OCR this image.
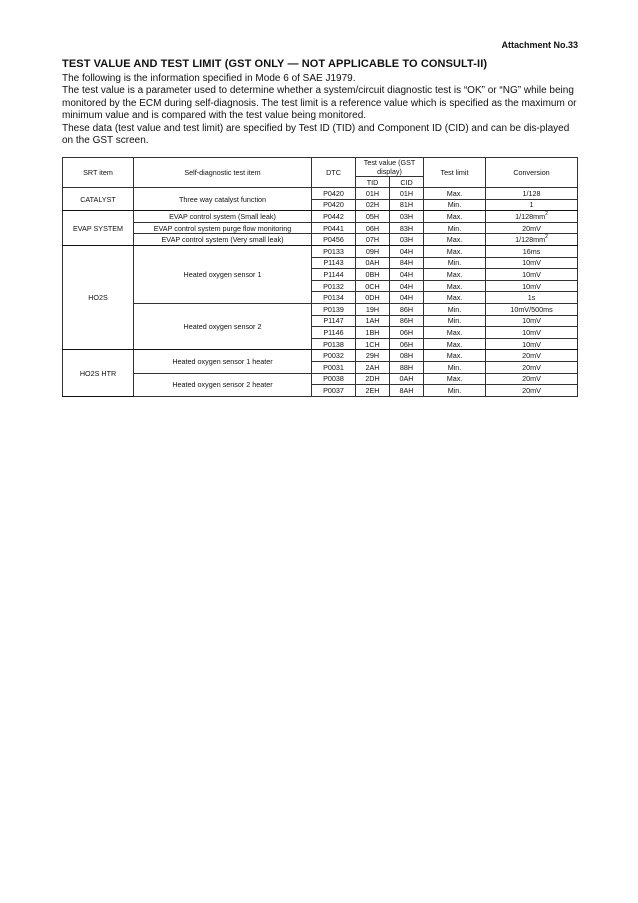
Attachment No.33
TEST VALUE AND TEST LIMIT (GST ONLY — NOT APPLICABLE TO CONSULT-II)

The following is the information specified in Mode 6 of SAE J1979.

The test value is a parameter used to determine whether a system/circuit diagnostic test is “OK” or “NG” while being monitored by the ECM during self-diagnosis. The test limit is a reference value which is specified as the maximum or minimum value and is compared with the test value being monitored.

These data (test value and test limit) are specified by Test ID (TID) and Component ID (CID) and can be dis-played on the GST screen.

SRT item	Self-diagnostic test item	DTC	Test value (GST display)		Test limit	Conversion
			TID	CID		
CATALYST	Three way catalyst function	P0420	01H	01H	Max.	1/128
		P0420	02H	81H	Min.	1
EVAP SYSTEM	EVAP control system (Small leak)	P0442	05H	03H	Max.	$1/128mm^2$
	EVAP control system purge flow monitoring	P0441	06H	83H	Min.	20mV
	EVAP control system (Very small leak)	P0456	07H	03H	Max.	$1/128mm^2$
HO2S	Heated oxygen sensor 1	P0133	09H	04H	Max.	16ms
		P1143	0AH	84H	Min.	10mV
		P1144	0BH	04H	Max.	10mV
		P0132	0CH	04H	Max.	10mV
		P0134	0DH	04H	Max.	1s
	Heated oxygen sensor 2	P0139	19H	86H	Min.	10mV/500ms
		P1147	1AH	86H	Min.	10mV
		P1146	1BH	06H	Max.	10mV
		P0138	1CH	06H	Max.	10mV
HO2S HTR	Heated oxygen sensor 1 heater	P0032	29H	08H	Max.	20mV
		P0031	2AH	88H	Min.	20mV
	Heated oxygen sensor 2 heater	P0038	2DH	0AH	Max.	20mV
		P0037	2EH	8AH	Min.	20mV
